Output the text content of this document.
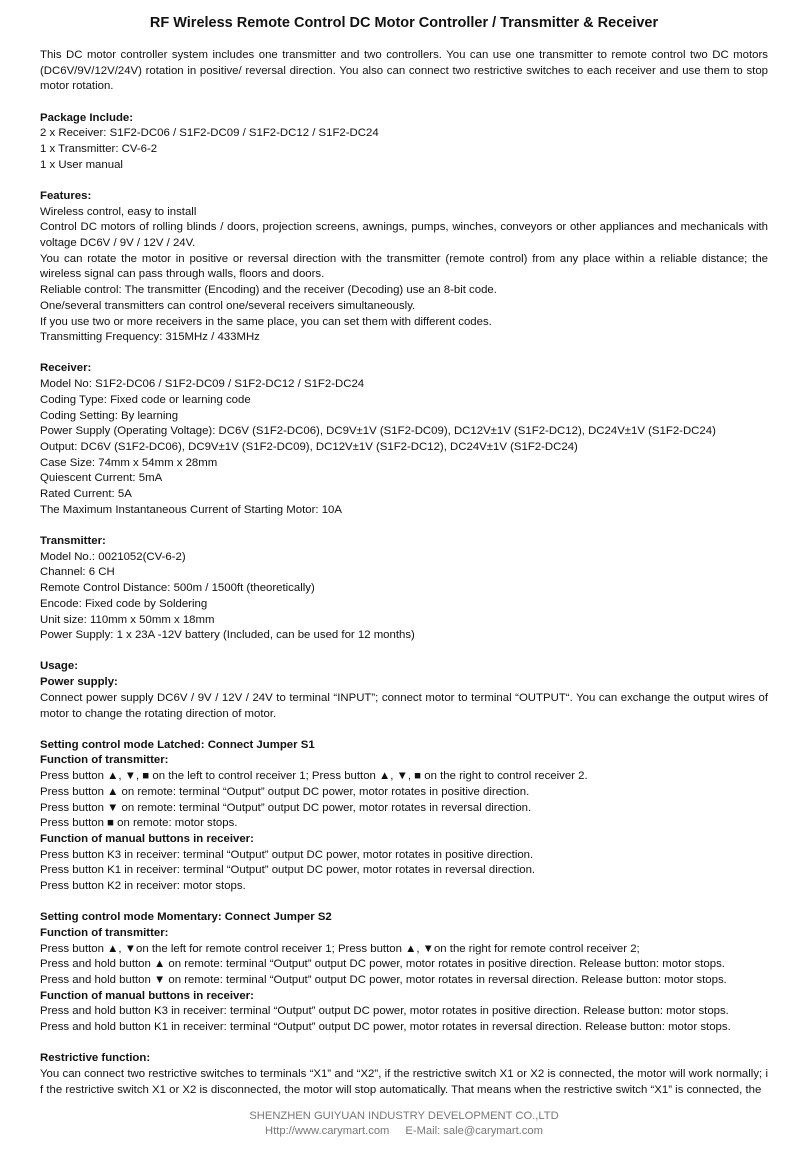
RF Wireless Remote Control DC Motor Controller / Transmitter & Receiver

This DC motor controller system includes one transmitter and two controllers. You can use one transmitter to remote control two DC motors (DC6V/9V/12V/24V) rotation in positive/ reversal direction. You also can connect two restrictive switches to each receiver and use them to stop motor rotation.

Package Include:

2 x Receiver: S1F2-DC06 / S1F2-DC09 / S1F2-DC12 / S1F2-DC24

1 x Transmitter: CV-6-2

1 x User manual

Features:

Wireless control, easy to install

Control DC motors of rolling blinds / doors, projection screens, awnings, pumps, winches, conveyors or other appliances and mechanicals with voltage DC6V / 9V / 12V / 24V.

You can rotate the motor in positive or reversal direction with the transmitter (remote control) from any place within a reliable distance; the wireless signal can pass through walls, floors and doors.

Reliable control: The transmitter (Encoding) and the receiver (Decoding) use an 8-bit code.

One/several transmitters can control one/several receivers simultaneously.

If you use two or more receivers in the same place, you can set them with different codes.

Transmitting Frequency: 315MHz / 433MHz

Receiver:

Model No: S1F2-DC06 / S1F2-DC09 / S1F2-DC12 / S1F2-DC24

Coding Type: Fixed code or learning code

Coding Setting: By learning

Power Supply (Operating Voltage): DC6V (S1F2-DC06), DC9V±1V (S1F2-DC09), DC12V±1V (S1F2-DC12), DC24V±1V (S1F2-DC24)

Output: DC6V (S1F2-DC06), DC9V±1V (S1F2-DC09), DC12V±1V (S1F2-DC12), DC24V±1V (S1F2-DC24)

Case Size: 74mm x 54mm x 28mm

Quiescent Current: 5mA

Rated Current: 5A

The Maximum Instantaneous Current of Starting Motor: 10A

Transmitter:

Model No.: 0021052(CV-6-2)

Channel: 6 CH

Remote Control Distance: 500m / 1500ft (theoretically)

Encode: Fixed code by Soldering

Unit size: 110mm x 50mm x 18mm

Power Supply: 1 x 23A -12V battery (Included, can be used for 12 months)

Usage:

Power supply:

Connect power supply DC6V / 9V / 12V / 24V to terminal “INPUT”; connect motor to terminal “OUTPUT“. You can exchange the output wires of motor to change the rotating direction of motor.

Setting control mode Latched: Connect Jumper S1

Function of transmitter:

Press button ▲, ▼, ■ on the left to control receiver 1; Press button ▲, ▼, ■ on the right to control receiver 2.

Press button ▲ on remote: terminal “Output” output DC power, motor rotates in positive direction.

Press button ▼ on remote: terminal “Output” output DC power, motor rotates in reversal direction.

Press button ■ on remote: motor stops.

Function of manual buttons in receiver:

Press button K3 in receiver: terminal “Output” output DC power, motor rotates in positive direction.

Press button K1 in receiver: terminal “Output” output DC power, motor rotates in reversal direction.

Press button K2 in receiver: motor stops.

Setting control mode Momentary: Connect Jumper S2

Function of transmitter:

Press button ▲, ▼on the left for remote control receiver 1; Press button ▲, ▼on the right for remote control receiver 2;

Press and hold button ▲ on remote: terminal “Output” output DC power, motor rotates in positive direction. Release button: motor stops.

Press and hold button ▼ on remote: terminal “Output” output DC power, motor rotates in reversal direction. Release button: motor stops.

Function of manual buttons in receiver:

Press and hold button K3 in receiver: terminal “Output” output DC power, motor rotates in positive direction. Release button: motor stops.

Press and hold button K1 in receiver: terminal “Output” output DC power, motor rotates in reversal direction. Release button: motor stops.

Restrictive function:

You can connect two restrictive switches to terminals “X1” and “X2”, if the restrictive switch X1 or X2 is connected, the motor will work normally; i f the restrictive switch X1 or X2 is disconnected, the motor will stop automatically. That means when the restrictive switch “X1” is connected, the

SHENZHEN GUIYUAN INDUSTRY DEVELOPMENT CO.,LTD
Http://www.carymart.com E-Mail: sale@carymart.com
